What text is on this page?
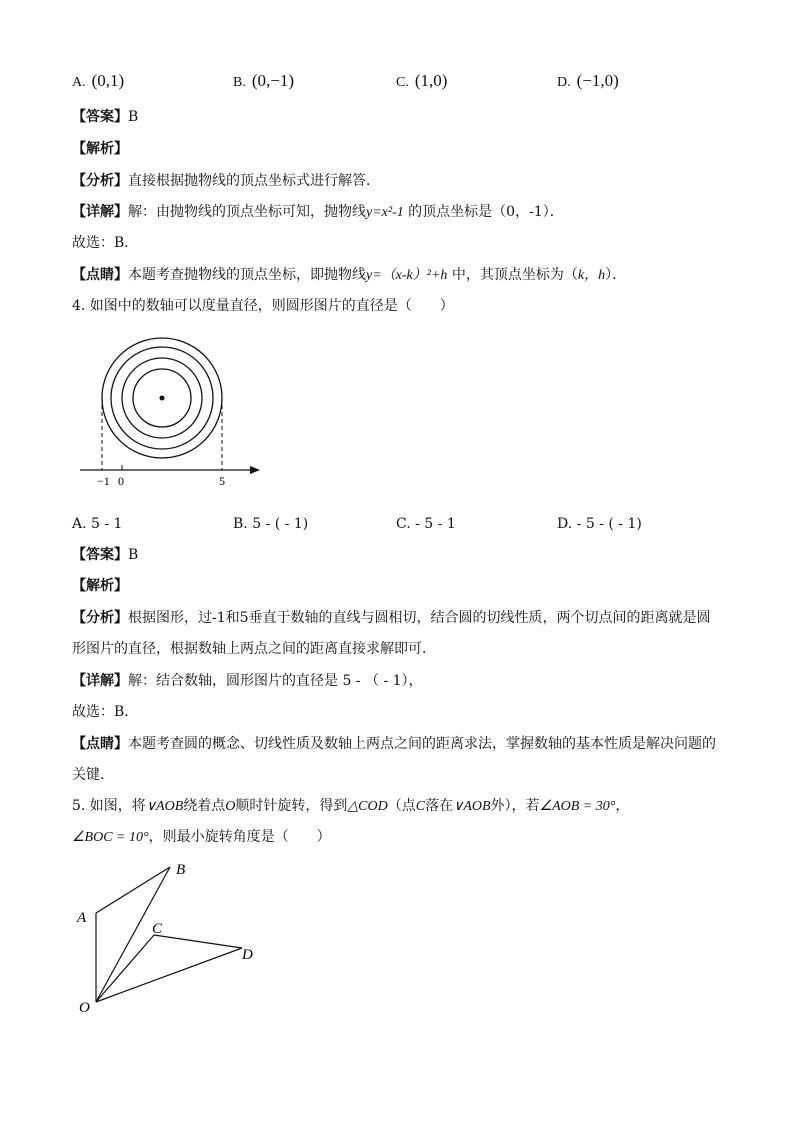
A. (0,1)	B. (0,−1)	C. (1,0)	D. (−1,0)
【答案】B
【解析】
【分析】直接根据抛物线的顶点坐标式进行解答．
【详解】解：由抛物线的顶点坐标可知，抛物线y=x²-1 的顶点坐标是（0，-1）．
故选：B．
【点睛】本题考查抛物线的顶点坐标，即抛物线y=（x-k）²+h 中，其顶点坐标为（k，h）．
4. 如图中的数轴可以度量直径，则圆形图片的直径是（　　）
−1 0	5
A. 5 - 1	B. 5 - ( - 1)	C. - 5 - 1	D. - 5 - ( - 1)
【答案】B
【解析】
【分析】根据图形，过-1和5垂直于数轴的直线与圆相切，结合圆的切线性质，两个切点间的距离就是圆
形图片的直径，根据数轴上两点之间的距离直接求解即可．
【详解】解：结合数轴，圆形图片的直径是 5 - （ - 1），
故选：B．
【点睛】本题考查圆的概念、切线性质及数轴上两点之间的距离求法，掌握数轴的基本性质是解决问题的
关键．
5. 如图，将∨AOB绕着点O顺时针旋转，得到△COD（点C落在∨AOB外），若∠AOB = 30°，
∠BOC = 10°，则最小旋转角度是（　　）
A
B
C
D
O
